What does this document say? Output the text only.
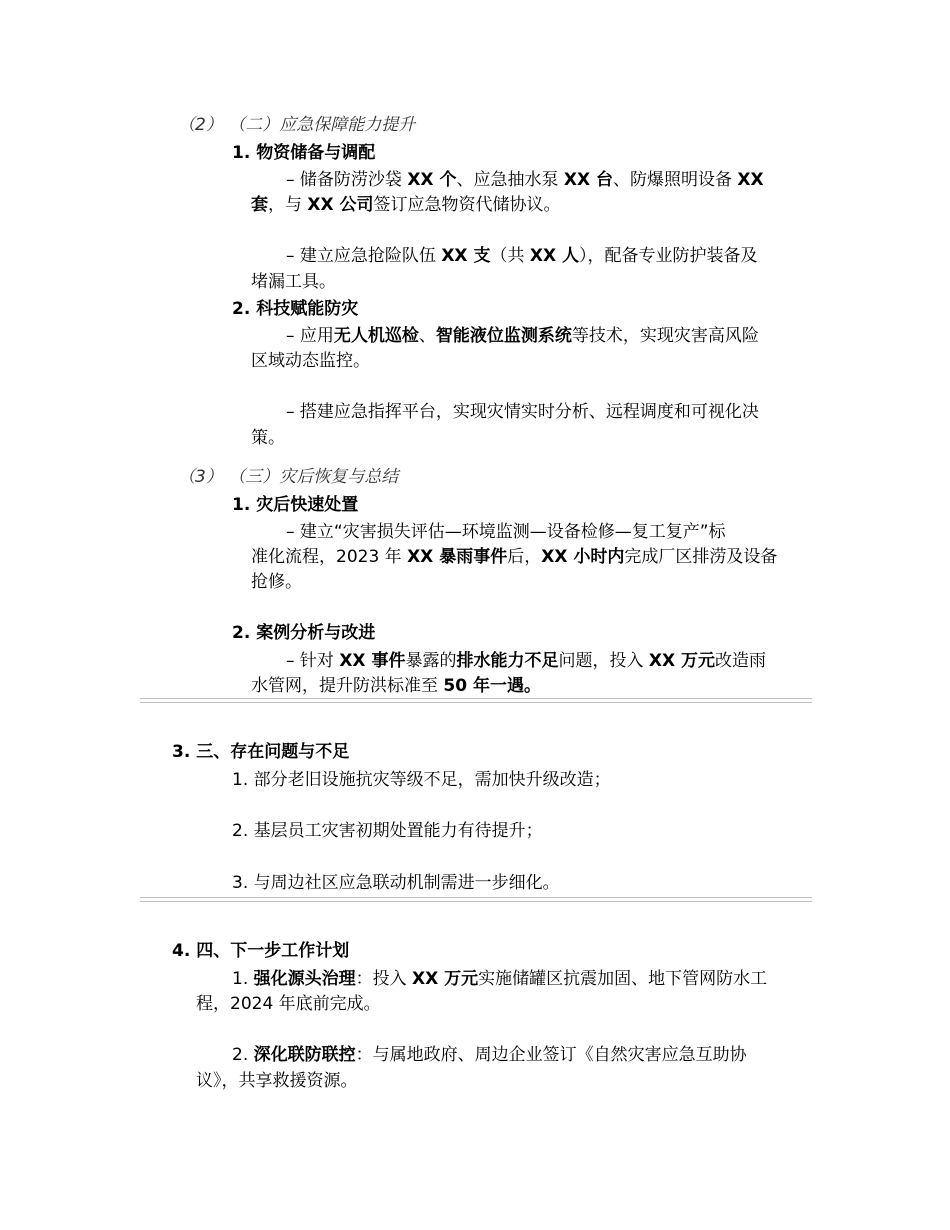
（2） （二）应急保障能力提升
1. 物资储备与调配
– 储备防涝沙袋 XX 个、应急抽水泵 XX 台、防爆照明设备 XX
套，与 XX 公司签订应急物资代储协议。
– 建立应急抢险队伍 XX 支（共 XX 人），配备专业防护装备及
堵漏工具。
2. 科技赋能防灾
– 应用无人机巡检、智能液位监测系统等技术，实现灾害高风险
区域动态监控。
– 搭建应急指挥平台，实现灾情实时分析、远程调度和可视化决
策。
（3） （三）灾后恢复与总结
1. 灾后快速处置
– 建立“灾害损失评估—环境监测—设备检修—复工复产”标
准化流程，2023 年 XX 暴雨事件后，XX 小时内完成厂区排涝及设备
抢修。
2. 案例分析与改进
– 针对 XX 事件暴露的排水能力不足问题，投入 XX 万元改造雨
水管网，提升防洪标准至 50 年一遇。
3. 三、存在问题与不足
1. 部分老旧设施抗灾等级不足，需加快升级改造；
2. 基层员工灾害初期处置能力有待提升；
3. 与周边社区应急联动机制需进一步细化。
4. 四、下一步工作计划
1. 强化源头治理：投入 XX 万元实施储罐区抗震加固、地下管网防水工
程，2024 年底前完成。
2. 深化联防联控：与属地政府、周边企业签订《自然灾害应急互助协
议》，共享救援资源。
